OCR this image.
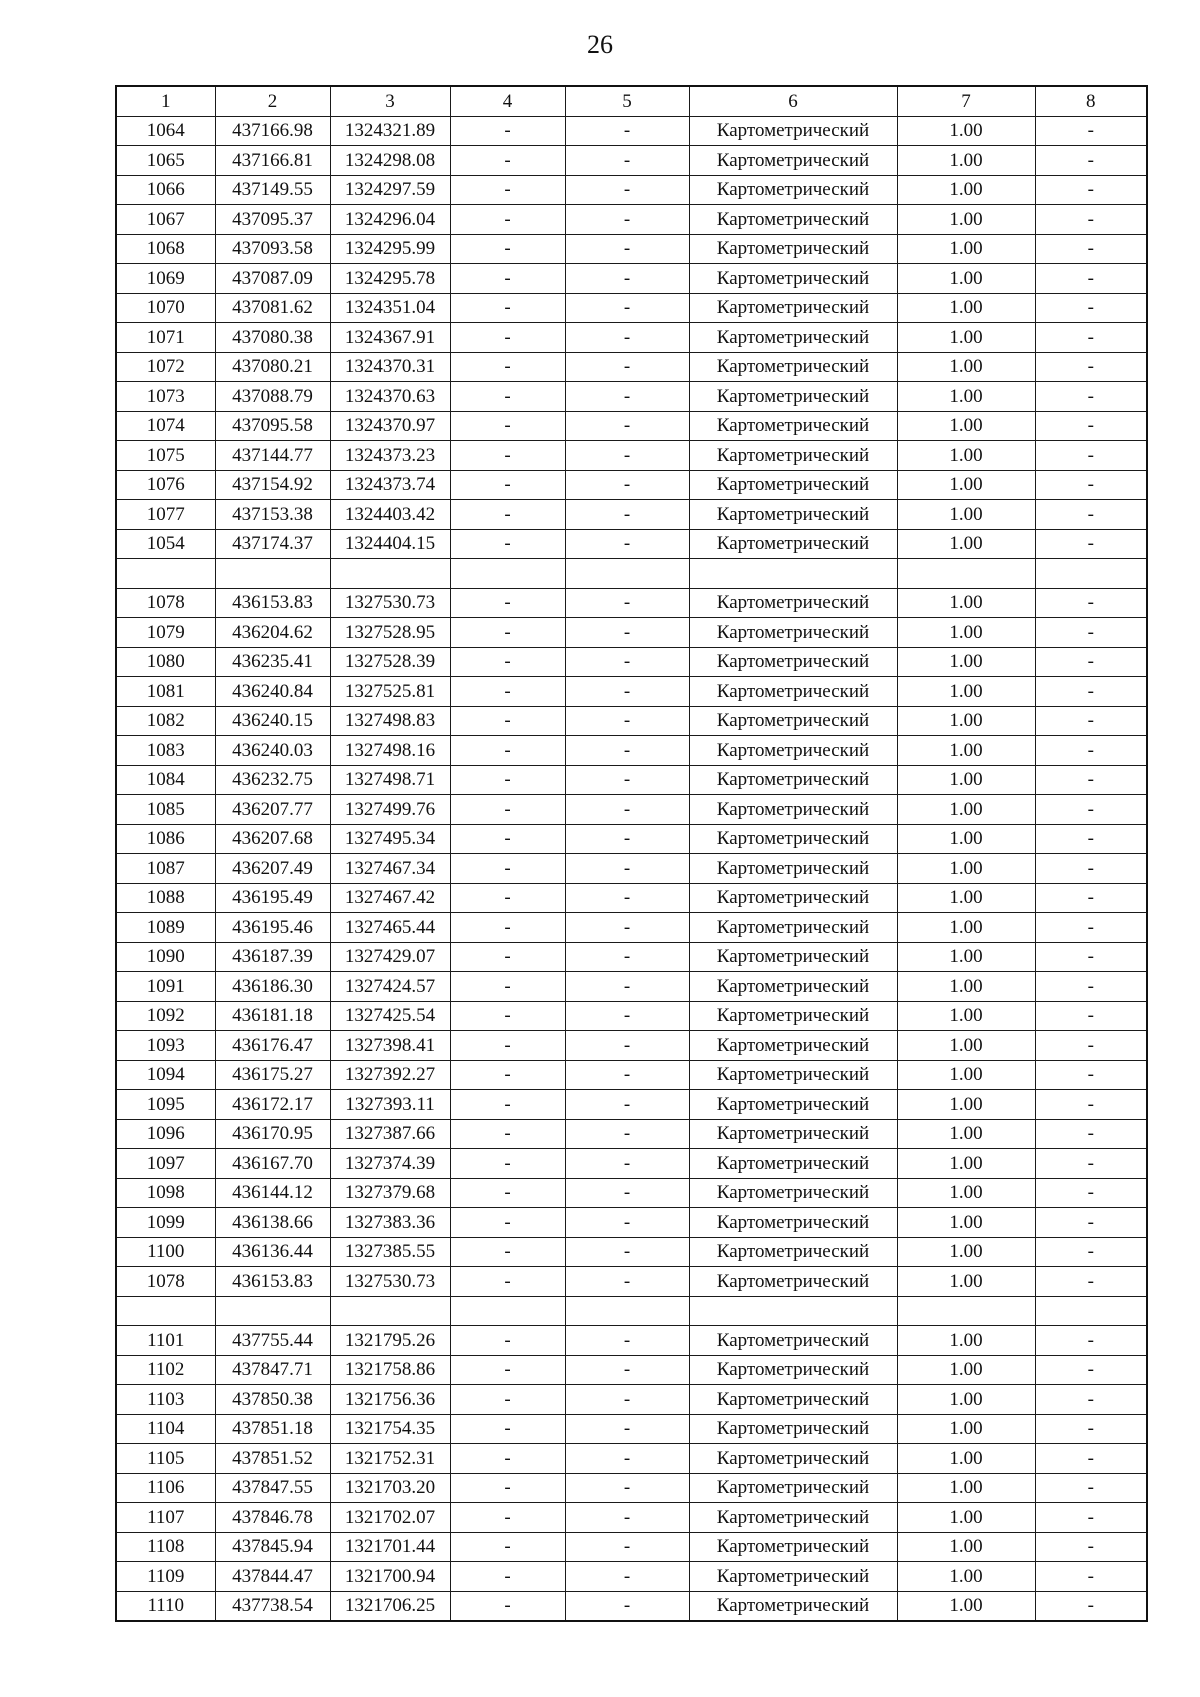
26
1	2	3	4	5	6	7	8
1064	437166.98	1324321.89	-	-	Картометрический	1.00	-
1065	437166.81	1324298.08	-	-	Картометрический	1.00	-
1066	437149.55	1324297.59	-	-	Картометрический	1.00	-
1067	437095.37	1324296.04	-	-	Картометрический	1.00	-
1068	437093.58	1324295.99	-	-	Картометрический	1.00	-
1069	437087.09	1324295.78	-	-	Картометрический	1.00	-
1070	437081.62	1324351.04	-	-	Картометрический	1.00	-
1071	437080.38	1324367.91	-	-	Картометрический	1.00	-
1072	437080.21	1324370.31	-	-	Картометрический	1.00	-
1073	437088.79	1324370.63	-	-	Картометрический	1.00	-
1074	437095.58	1324370.97	-	-	Картометрический	1.00	-
1075	437144.77	1324373.23	-	-	Картометрический	1.00	-
1076	437154.92	1324373.74	-	-	Картометрический	1.00	-
1077	437153.38	1324403.42	-	-	Картометрический	1.00	-
1054	437174.37	1324404.15	-	-	Картометрический	1.00	-

1078	436153.83	1327530.73	-	-	Картометрический	1.00	-
1079	436204.62	1327528.95	-	-	Картометрический	1.00	-
1080	436235.41	1327528.39	-	-	Картометрический	1.00	-
1081	436240.84	1327525.81	-	-	Картометрический	1.00	-
1082	436240.15	1327498.83	-	-	Картометрический	1.00	-
1083	436240.03	1327498.16	-	-	Картометрический	1.00	-
1084	436232.75	1327498.71	-	-	Картометрический	1.00	-
1085	436207.77	1327499.76	-	-	Картометрический	1.00	-
1086	436207.68	1327495.34	-	-	Картометрический	1.00	-
1087	436207.49	1327467.34	-	-	Картометрический	1.00	-
1088	436195.49	1327467.42	-	-	Картометрический	1.00	-
1089	436195.46	1327465.44	-	-	Картометрический	1.00	-
1090	436187.39	1327429.07	-	-	Картометрический	1.00	-
1091	436186.30	1327424.57	-	-	Картометрический	1.00	-
1092	436181.18	1327425.54	-	-	Картометрический	1.00	-
1093	436176.47	1327398.41	-	-	Картометрический	1.00	-
1094	436175.27	1327392.27	-	-	Картометрический	1.00	-
1095	436172.17	1327393.11	-	-	Картометрический	1.00	-
1096	436170.95	1327387.66	-	-	Картометрический	1.00	-
1097	436167.70	1327374.39	-	-	Картометрический	1.00	-
1098	436144.12	1327379.68	-	-	Картометрический	1.00	-
1099	436138.66	1327383.36	-	-	Картометрический	1.00	-
1100	436136.44	1327385.55	-	-	Картометрический	1.00	-
1078	436153.83	1327530.73	-	-	Картометрический	1.00	-

1101	437755.44	1321795.26	-	-	Картометрический	1.00	-
1102	437847.71	1321758.86	-	-	Картометрический	1.00	-
1103	437850.38	1321756.36	-	-	Картометрический	1.00	-
1104	437851.18	1321754.35	-	-	Картометрический	1.00	-
1105	437851.52	1321752.31	-	-	Картометрический	1.00	-
1106	437847.55	1321703.20	-	-	Картометрический	1.00	-
1107	437846.78	1321702.07	-	-	Картометрический	1.00	-
1108	437845.94	1321701.44	-	-	Картометрический	1.00	-
1109	437844.47	1321700.94	-	-	Картометрический	1.00	-
1110	437738.54	1321706.25	-	-	Картометрический	1.00	-
